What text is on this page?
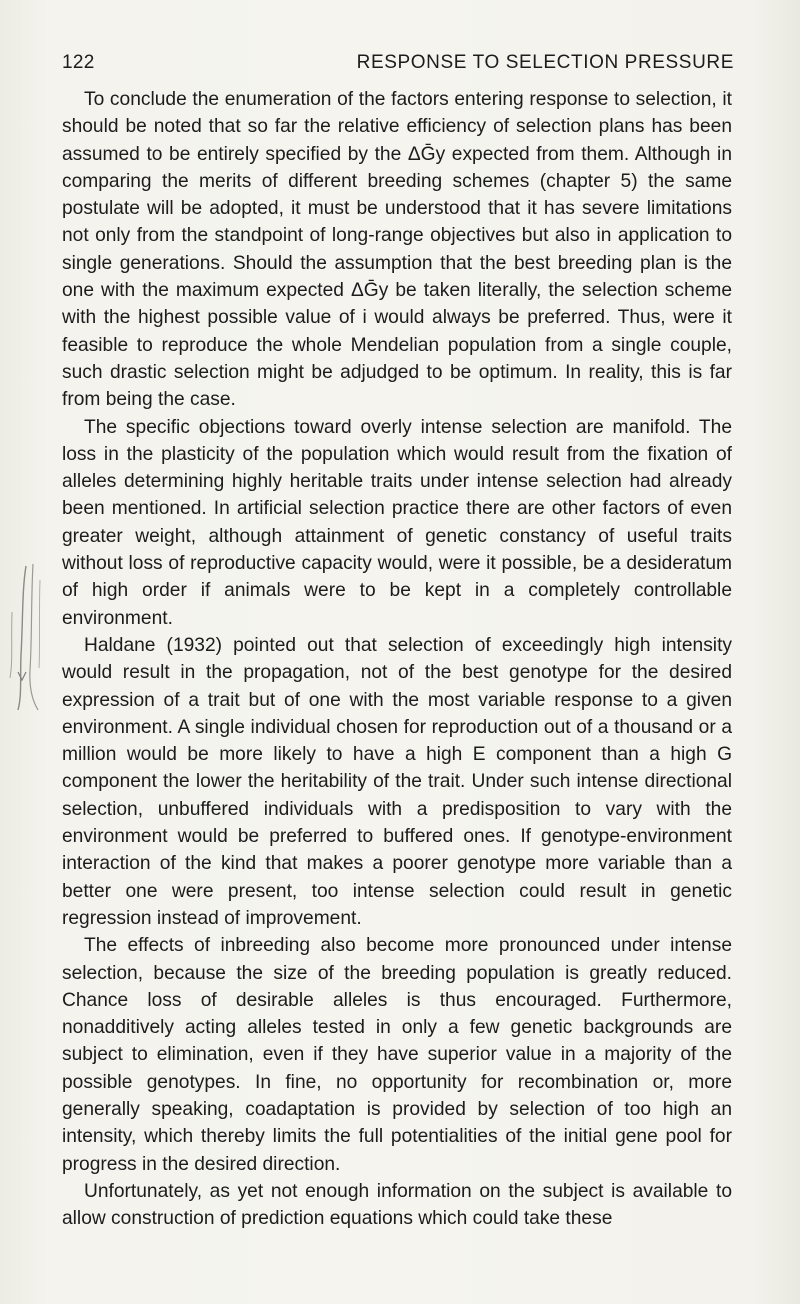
122	RESPONSE TO SELECTION PRESSURE

To conclude the enumeration of the factors entering response to selection, it should be noted that so far the relative efficiency of selection plans has been assumed to be entirely specified by the ΔḠy expected from them. Although in comparing the merits of different breeding schemes (chapter 5) the same postulate will be adopted, it must be understood that it has severe limitations not only from the standpoint of long-range objectives but also in application to single generations. Should the assumption that the best breeding plan is the one with the maximum expected ΔḠy be taken literally, the selection scheme with the highest possible value of i would always be preferred. Thus, were it feasible to reproduce the whole Mendelian population from a single couple, such drastic selection might be adjudged to be optimum. In reality, this is far from being the case.

The specific objections toward overly intense selection are manifold. The loss in the plasticity of the population which would result from the fixation of alleles determining highly heritable traits under intense selection had already been mentioned. In artificial selection practice there are other factors of even greater weight, although attainment of genetic constancy of useful traits without loss of reproductive capacity would, were it possible, be a desideratum of high order if animals were to be kept in a completely controllable environment.

Haldane (1932) pointed out that selection of exceedingly high intensity would result in the propagation, not of the best genotype for the desired expression of a trait but of one with the most variable response to a given environment. A single individual chosen for reproduction out of a thousand or a million would be more likely to have a high E component than a high G component the lower the heritability of the trait. Under such intense directional selection, unbuffered individuals with a predisposition to vary with the environment would be preferred to buffered ones. If genotype-environment interaction of the kind that makes a poorer genotype more variable than a better one were present, too intense selection could result in genetic regression instead of improvement.

The effects of inbreeding also become more pronounced under intense selection, because the size of the breeding population is greatly reduced. Chance loss of desirable alleles is thus encouraged. Furthermore, nonadditively acting alleles tested in only a few genetic backgrounds are subject to elimination, even if they have superior value in a majority of the possible genotypes. In fine, no opportunity for recombination or, more generally speaking, coadaptation is provided by selection of too high an intensity, which thereby limits the full potentialities of the initial gene pool for progress in the desired direction.

Unfortunately, as yet not enough information on the subject is available to allow construction of prediction equations which could take these
